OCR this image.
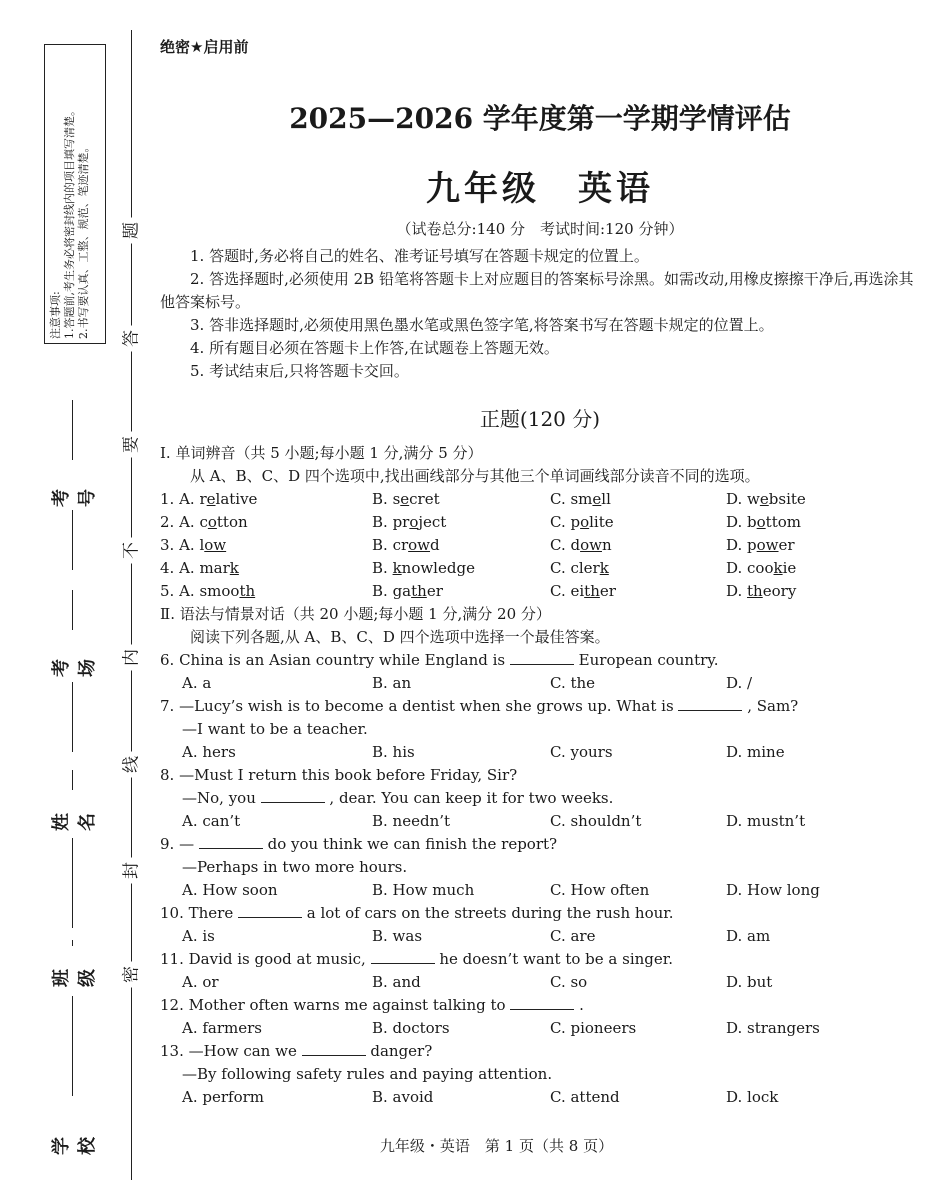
注意事项: 1.答题前,考生务必将密封线内的项目填写清楚。 2.书写要认真、工整、规范、笔迹清楚。 题
答
要
不
内
线
封
密
考号
考场
姓名
班级
学校
绝密★启用前
2025—2026 学年度第一学期学情评估
九年级　英语
（试卷总分:140 分　考试时间:120 分钟）
1. 答题时,务必将自己的姓名、准考证号填写在答题卡规定的位置上。
2. 答选择题时,必须使用 2B 铅笔将答题卡上对应题目的答案标号涂黑。如需改动,用橡皮擦擦干净后,再选涂其他答案标号。
3. 答非选择题时,必须使用黑色墨水笔或黑色签字笔,将答案书写在答题卡规定的位置上。
4. 所有题目必须在答题卡上作答,在试题卷上答题无效。
5. 考试结束后,只将答题卡交回。
正题(120 分)
Ⅰ. 单词辨音（共 5 小题;每小题 1 分,满分 5 分）
从 A、B、C、D 四个选项中,找出画线部分与其他三个单词画线部分读音不同的选项。
1. A. relative	B. secret	C. smell	D. website
2. A. cotton	B. project	C. polite	D. bottom
3. A. low	B. crowd	C. down	D. power
4. A. mark	B. knowledge	C. clerk	D. cookie
5. A. smooth	B. gather	C. either	D. theory
Ⅱ. 语法与情景对话（共 20 小题;每小题 1 分,满分 20 分）
阅读下列各题,从 A、B、C、D 四个选项中选择一个最佳答案。
6. China is an Asian country while England is	European country.
A. a	B. an	C. the	D. /
7. —Lucy’s wish is to become a dentist when she grows up. What is	, Sam?
—I want to be a teacher.
A. hers	B. his	C. yours	D. mine
8. —Must I return this book before Friday, Sir?
—No, you	, dear. You can keep it for two weeks.
A. can’t	B. needn’t	C. shouldn’t	D. mustn’t
9. —	do you think we can finish the report?
—Perhaps in two more hours.
A. How soon	B. How much	C. How often	D. How long
10. There	a lot of cars on the streets during the rush hour.
A. is	B. was	C. are	D. am
11. David is good at music,	he doesn’t want to be a singer.
A. or	B. and	C. so	D. but
12. Mother often warns me against talking to	.
A. farmers	B. doctors	C. pioneers	D. strangers
13. —How can we	danger?
—By following safety rules and paying attention.
A. perform	B. avoid	C. attend	D. lock
九年级・英语　第 1 页（共 8 页）
